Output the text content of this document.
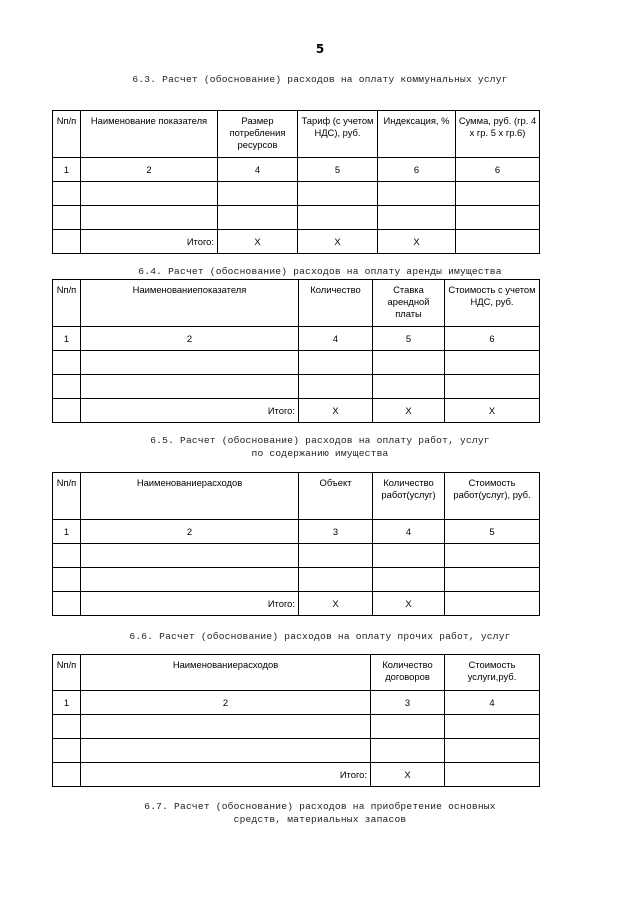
5
6.3. Расчет (обоснование) расходов на оплату коммунальных услуг
Nп/п	Наименование показателя	Размер потребления ресурсов	Тариф (с учетом НДС), руб.	Индексация, %	Сумма, руб. (гр. 4 х гр. 5 х гр.6)
1	2	4	5	6	6

	Итого:	X	X	X	
6.4. Расчет (обоснование) расходов на оплату аренды имущества
Nп/п	Наименованиепоказателя	Количество	Ставка арендной платы	Стоимость с учетом НДС, руб.
1	2	4	5	6

	Итого:	X	X	X
6.5. Расчет (обоснование) расходов на оплату работ, услуг
по содержанию имущества
Nп/п	Наименованиерасходов	Объект	Количество работ(услуг)	Стоимость работ(услуг), руб.
1	2	3	4	5

	Итого:	X	X	
6.6. Расчет (обоснование) расходов на оплату прочих работ, услуг
Nп/п	Наименованиерасходов	Количество договоров	Стоимость услуги,руб.
1	2	3	4

	Итого:	X	
6.7. Расчет (обоснование) расходов на приобретение основных
средств, материальных запасов
